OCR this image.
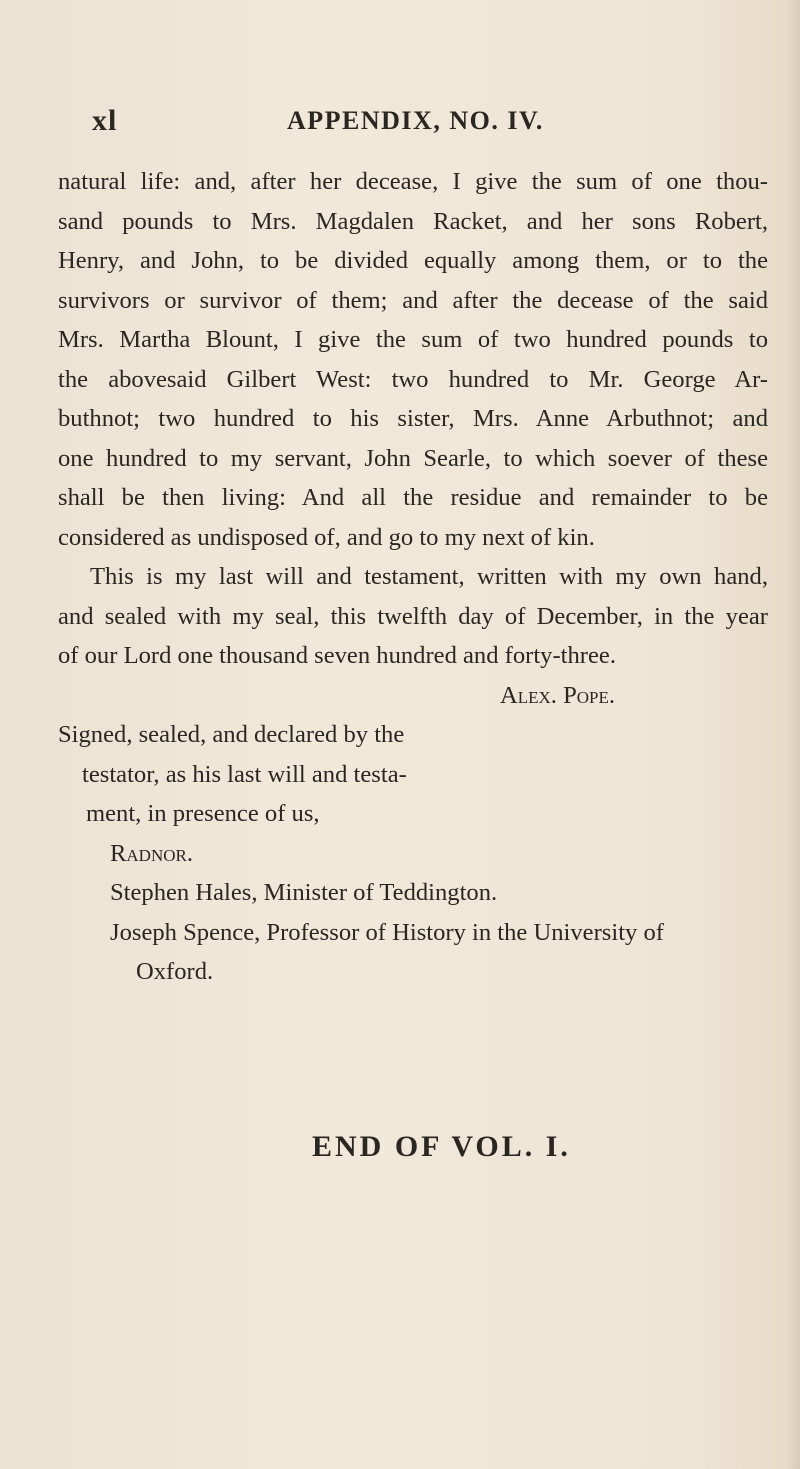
xl	APPENDIX, NO. IV.
natural life: and, after her decease, I give the sum of one thou-
sand pounds to Mrs. Magdalen Racket, and her sons Robert,
Henry, and John, to be divided equally among them, or to the
survivors or survivor of them; and after the decease of the said
Mrs. Martha Blount, I give the sum of two hundred pounds to
the abovesaid Gilbert West: two hundred to Mr. George Ar-
buthnot; two hundred to his sister, Mrs. Anne Arbuthnot; and
one hundred to my servant, John Searle, to which soever of these
shall be then living: And all the residue and remainder to be
considered as undisposed of, and go to my next of kin.
This is my last will and testament, written with my own hand,
and sealed with my seal, this twelfth day of December, in the year
of our Lord one thousand seven hundred and forty-three.
Alex. Pope.
Signed, sealed, and declared by the
testator, as his last will and testa-
ment, in presence of us,
Radnor.
Stephen Hales, Minister of Teddington.
Joseph Spence, Professor of History in the University of
Oxford.
END OF VOL. I.
